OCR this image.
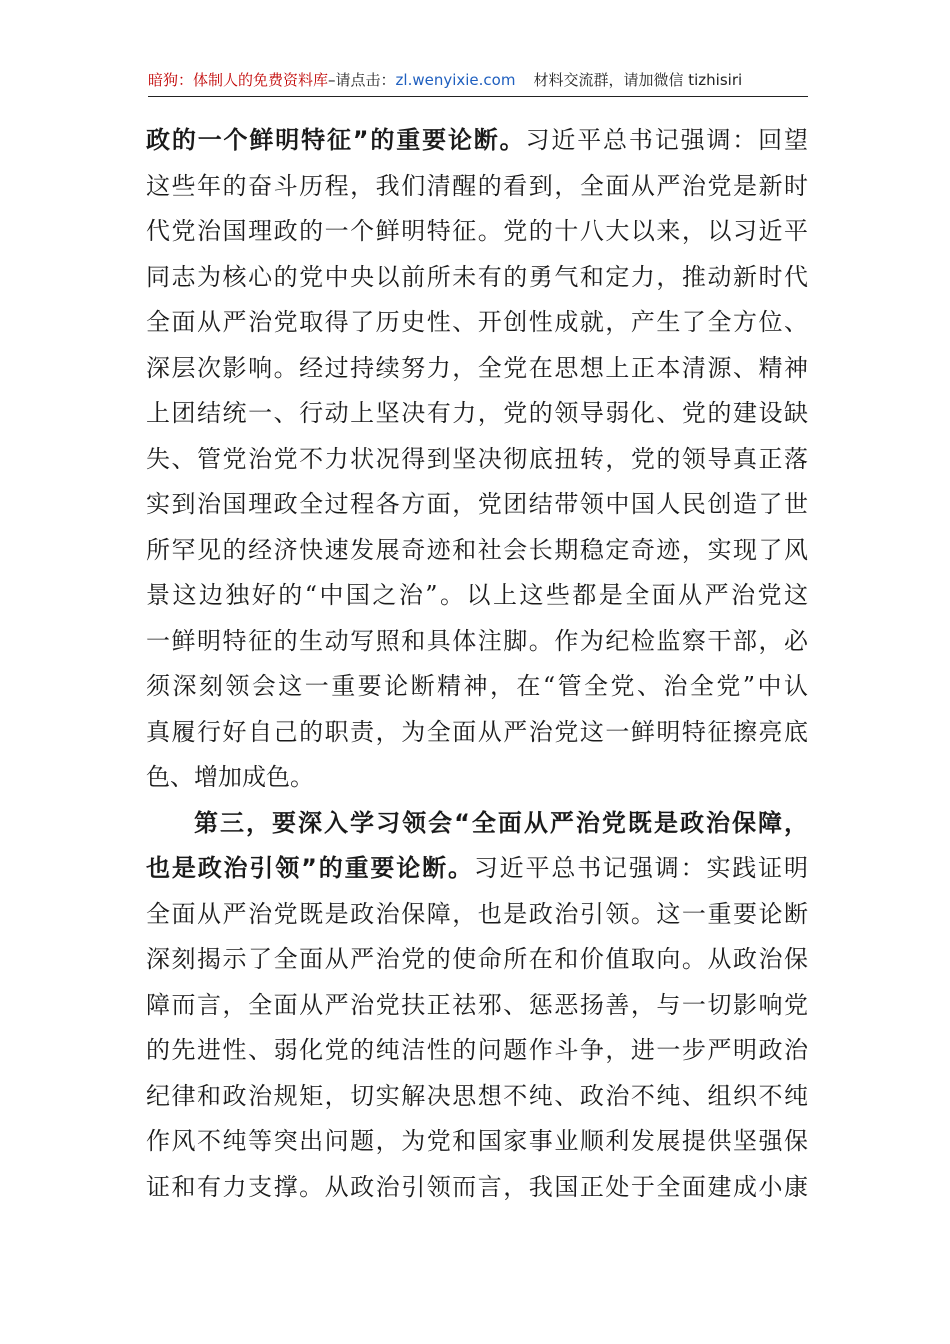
暗狗：体制人的免费资料库–请点击：zl.wenyixie.com 材料交流群，请加微信 tizhisiri
政的一个鲜明特征”的重要论断。习近平总书记强调：回望
这些年的奋斗历程，我们清醒的看到，全面从严治党是新时
代党治国理政的一个鲜明特征。党的十八大以来，以习近平
同志为核心的党中央以前所未有的勇气和定力，推动新时代
全面从严治党取得了历史性、开创性成就，产生了全方位、
深层次影响。经过持续努力，全党在思想上正本清源、精神
上团结统一、行动上坚决有力，党的领导弱化、党的建设缺
失、管党治党不力状况得到坚决彻底扭转，党的领导真正落
实到治国理政全过程各方面，党团结带领中国人民创造了世
所罕见的经济快速发展奇迹和社会长期稳定奇迹，实现了风
景这边独好的“中国之治”。以上这些都是全面从严治党这
一鲜明特征的生动写照和具体注脚。作为纪检监察干部，必
须深刻领会这一重要论断精神，在“管全党、治全党”中认
真履行好自己的职责，为全面从严治党这一鲜明特征擦亮底
色、增加成色。
第三，要深入学习领会“全面从严治党既是政治保障，
也是政治引领”的重要论断。习近平总书记强调：实践证明
全面从严治党既是政治保障，也是政治引领。这一重要论断
深刻揭示了全面从严治党的使命所在和价值取向。从政治保
障而言，全面从严治党扶正祛邪、惩恶扬善，与一切影响党
的先进性、弱化党的纯洁性的问题作斗争，进一步严明政治
纪律和政治规矩，切实解决思想不纯、政治不纯、组织不纯
作风不纯等突出问题，为党和国家事业顺利发展提供坚强保
证和有力支撑。从政治引领而言，我国正处于全面建成小康
